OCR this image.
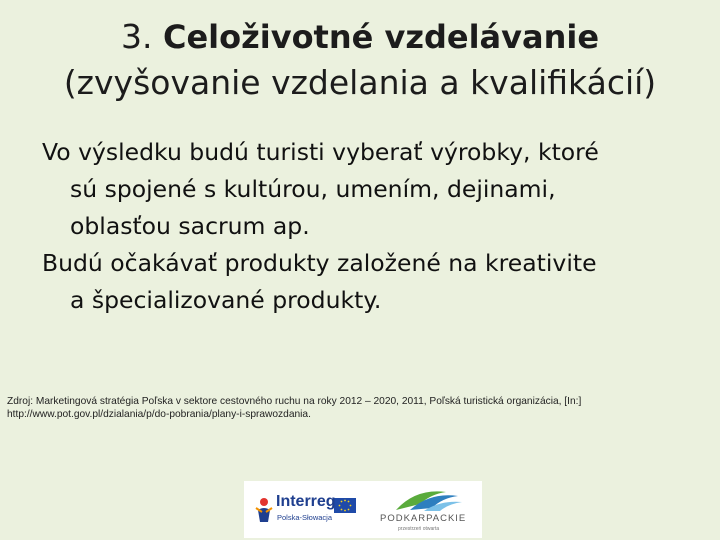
3. Celoživotné vzdelávanie
(zvyšovanie vzdelania a kvalifikácií)

Vo výsledku budú turisti vyberať výrobky, ktoré
sú spojené s kultúrou, umením, dejinami,
oblasťou sacrum ap.

Budú očakávať produkty založené na kreativite
a špecializované produkty.

Zdroj: Marketingová stratégia Poľska v sektore cestovného ruchu na roky 2012 – 2020, 2011, Poľská turistická organizácia, [In:]
http://www.pot.gov.pl/dzialania/p/do-pobrania/plany-i-sprawozdania.
Interreg
Polska-Słowacja	PODKARPACKIE
przestrzeń otwarta
